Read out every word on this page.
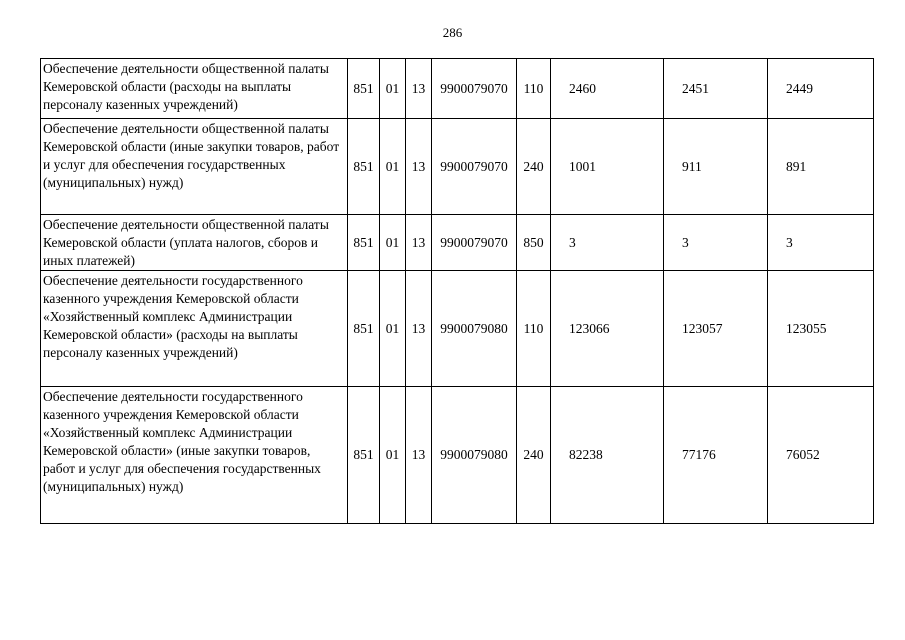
286
Обеспечение деятельности общественной палаты Кемеровской области (расходы на выплаты персоналу казенных учреждений)	851	01	13	9900079070	110	2460	2451	2449
Обеспечение деятельности общественной палаты Кемеровской области (иные закупки товаров, работ и услуг для обеспечения государственных (муниципальных) нужд)	851	01	13	9900079070	240	1001	911	891
Обеспечение деятельности общественной палаты Кемеровской области (уплата налогов, сборов и иных платежей)	851	01	13	9900079070	850	3	3	3
Обеспечение деятельности государственного казенного учреждения Кемеровской области «Хозяйственный комплекс Администрации Кемеровской области» (расходы на выплаты персоналу казенных учреждений)	851	01	13	9900079080	110	123066	123057	123055
Обеспечение деятельности государственного казенного учреждения Кемеровской области «Хозяйственный комплекс Администрации Кемеровской области» (иные закупки товаров, работ и услуг для обеспечения государственных (муниципальных) нужд)	851	01	13	9900079080	240	82238	77176	76052
